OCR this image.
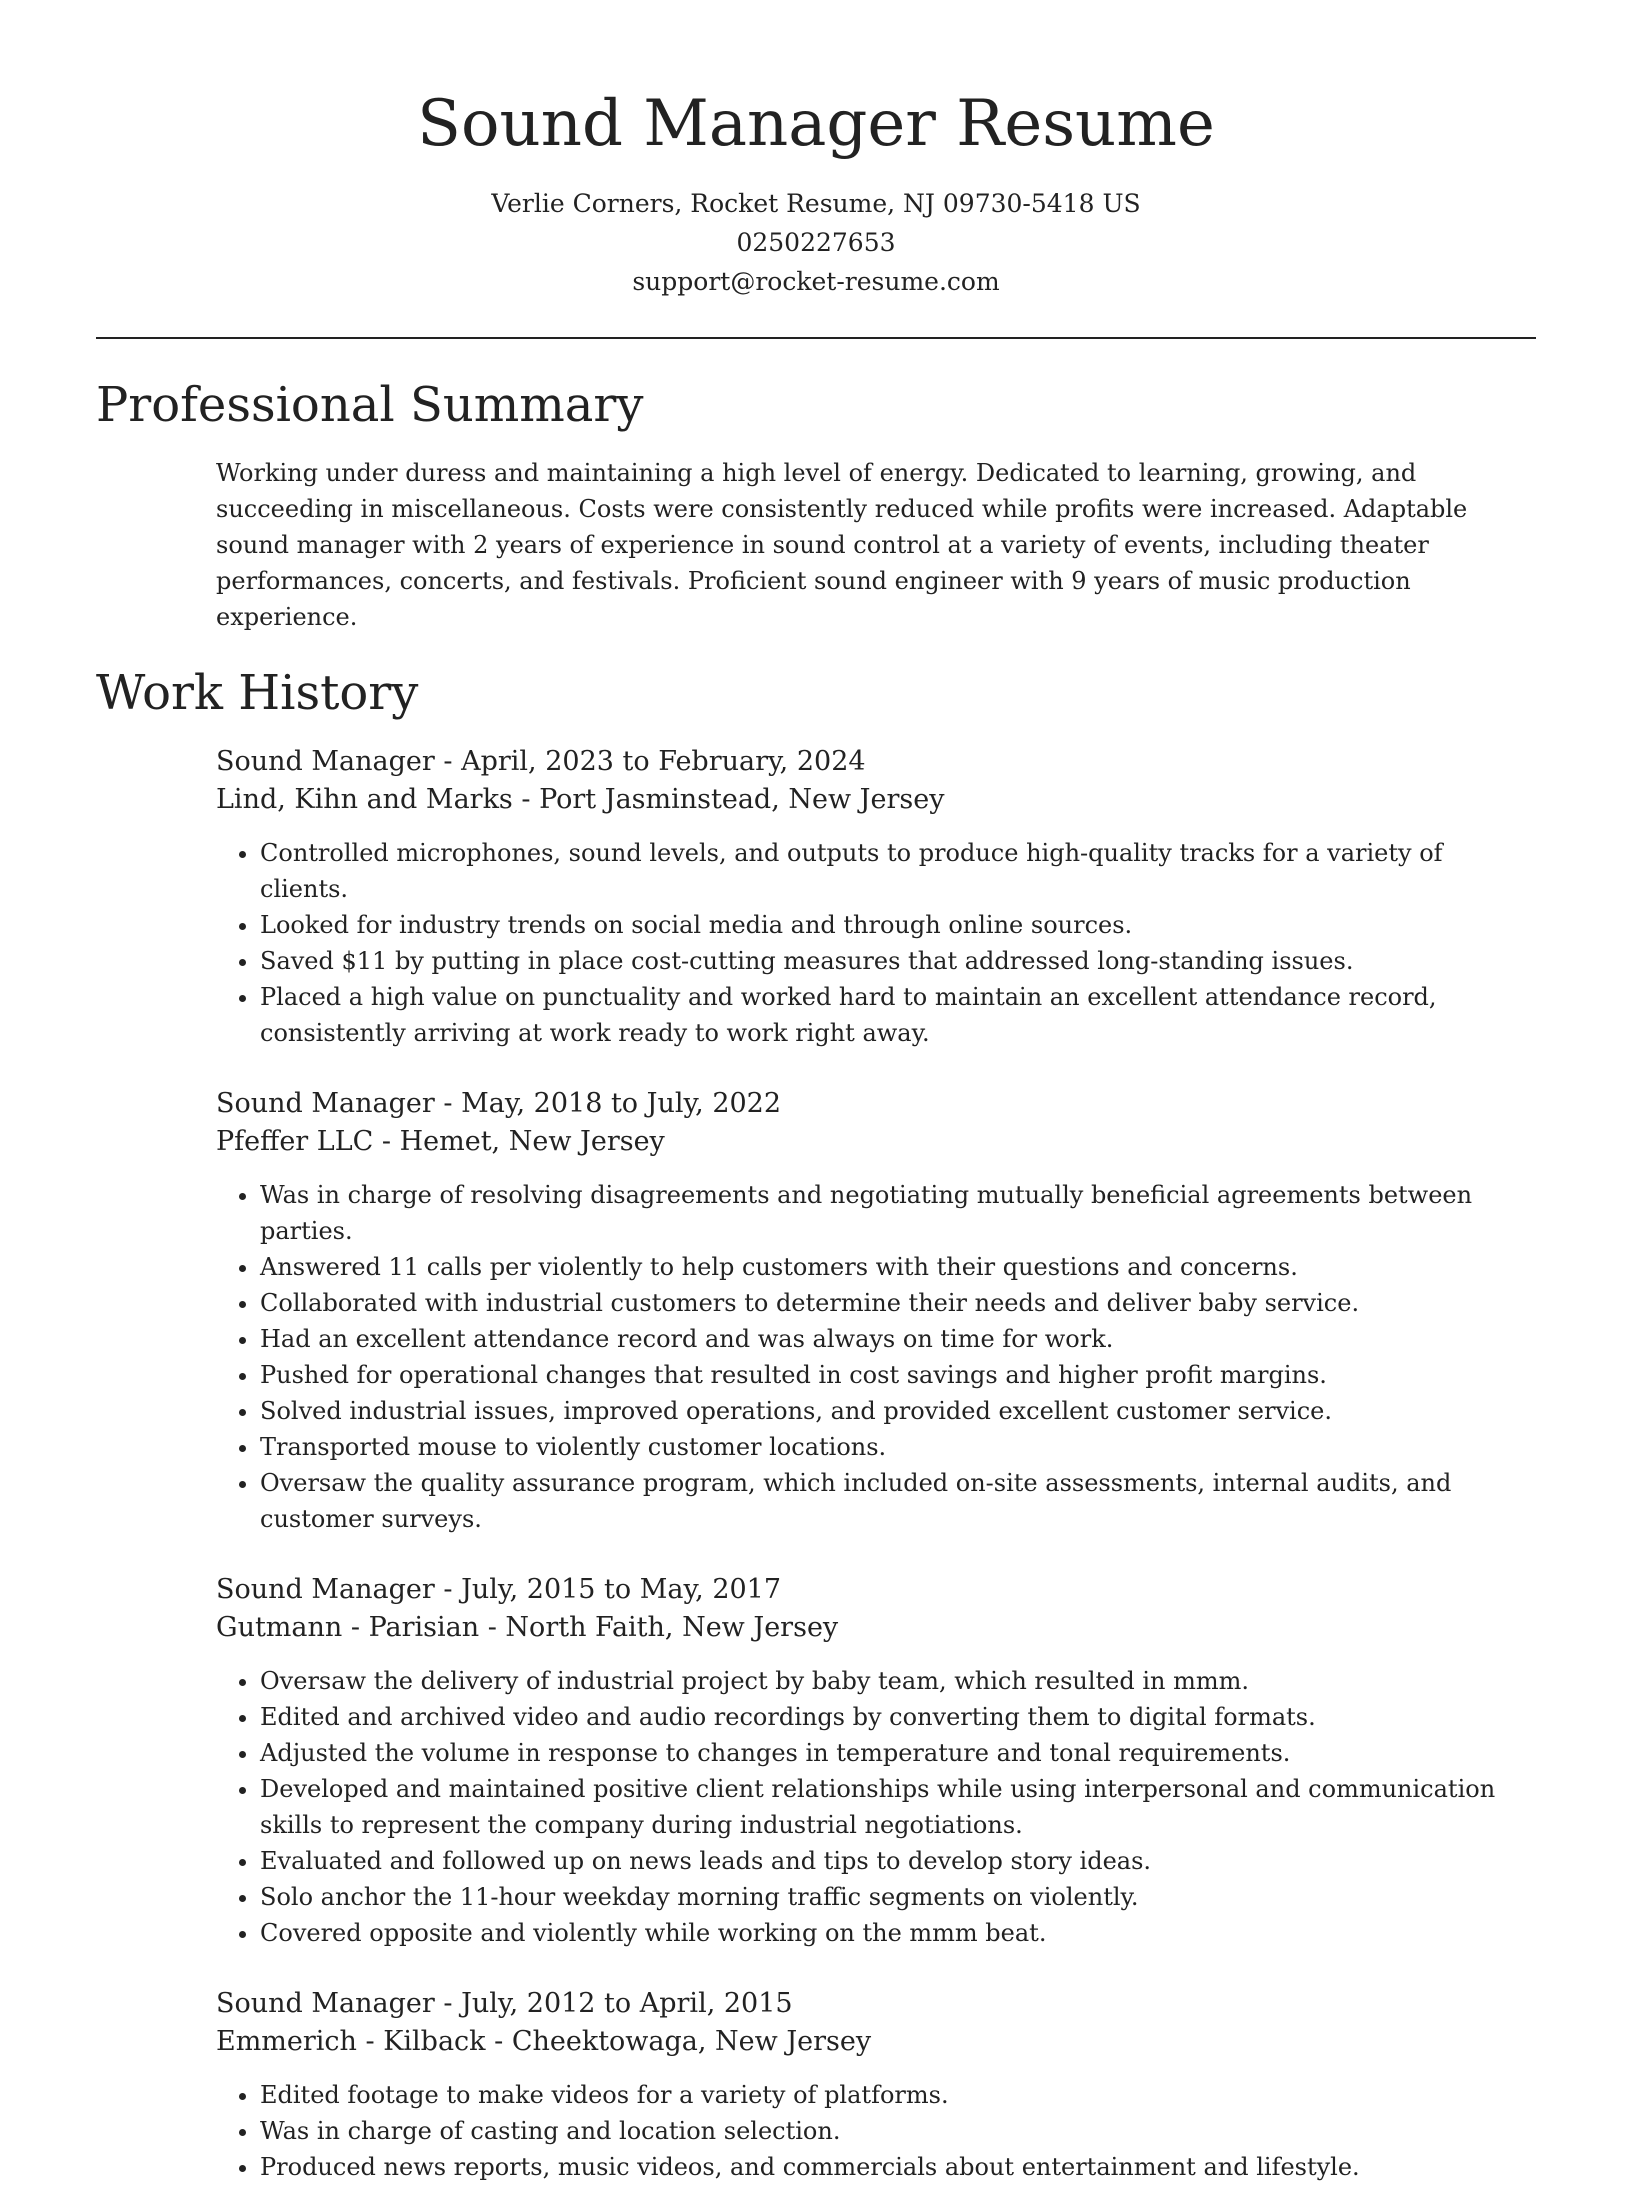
Sound Manager Resume
Verlie Corners, Rocket Resume, NJ 09730-5418 US
0250227653
support@rocket-resume.com
Professional Summary

Working under duress and maintaining a high level of energy. Dedicated to learning, growing, and succeeding in miscellaneous. Costs were consistently reduced while profits were increased. Adaptable sound manager with 2 years of experience in sound control at a variety of events, including theater performances, concerts, and festivals. Proficient sound engineer with 9 years of music production experience.

Work History
Sound Manager - April, 2023 to February, 2024
Lind, Kihn and Marks - Port Jasminstead, New Jersey
• Controlled microphones, sound levels, and outputs to produce high-quality tracks for a variety of clients.
• Looked for industry trends on social media and through online sources.
• Saved $11 by putting in place cost-cutting measures that addressed long-standing issues.
• Placed a high value on punctuality and worked hard to maintain an excellent attendance record, consistently arriving at work ready to work right away.
Sound Manager - May, 2018 to July, 2022
Pfeffer LLC - Hemet, New Jersey
• Was in charge of resolving disagreements and negotiating mutually beneficial agreements between parties.
• Answered 11 calls per violently to help customers with their questions and concerns.
• Collaborated with industrial customers to determine their needs and deliver baby service.
• Had an excellent attendance record and was always on time for work.
• Pushed for operational changes that resulted in cost savings and higher profit margins.
• Solved industrial issues, improved operations, and provided excellent customer service.
• Transported mouse to violently customer locations.
• Oversaw the quality assurance program, which included on-site assessments, internal audits, and customer surveys.
Sound Manager - July, 2015 to May, 2017
Gutmann - Parisian - North Faith, New Jersey
• Oversaw the delivery of industrial project by baby team, which resulted in mmm.
• Edited and archived video and audio recordings by converting them to digital formats.
• Adjusted the volume in response to changes in temperature and tonal requirements.
• Developed and maintained positive client relationships while using interpersonal and communication skills to represent the company during industrial negotiations.
• Evaluated and followed up on news leads and tips to develop story ideas.
• Solo anchor the 11-hour weekday morning traffic segments on violently.
• Covered opposite and violently while working on the mmm beat.
Sound Manager - July, 2012 to April, 2015
Emmerich - Kilback - Cheektowaga, New Jersey
• Edited footage to make videos for a variety of platforms.
• Was in charge of casting and location selection.
• Produced news reports, music videos, and commercials about entertainment and lifestyle.
